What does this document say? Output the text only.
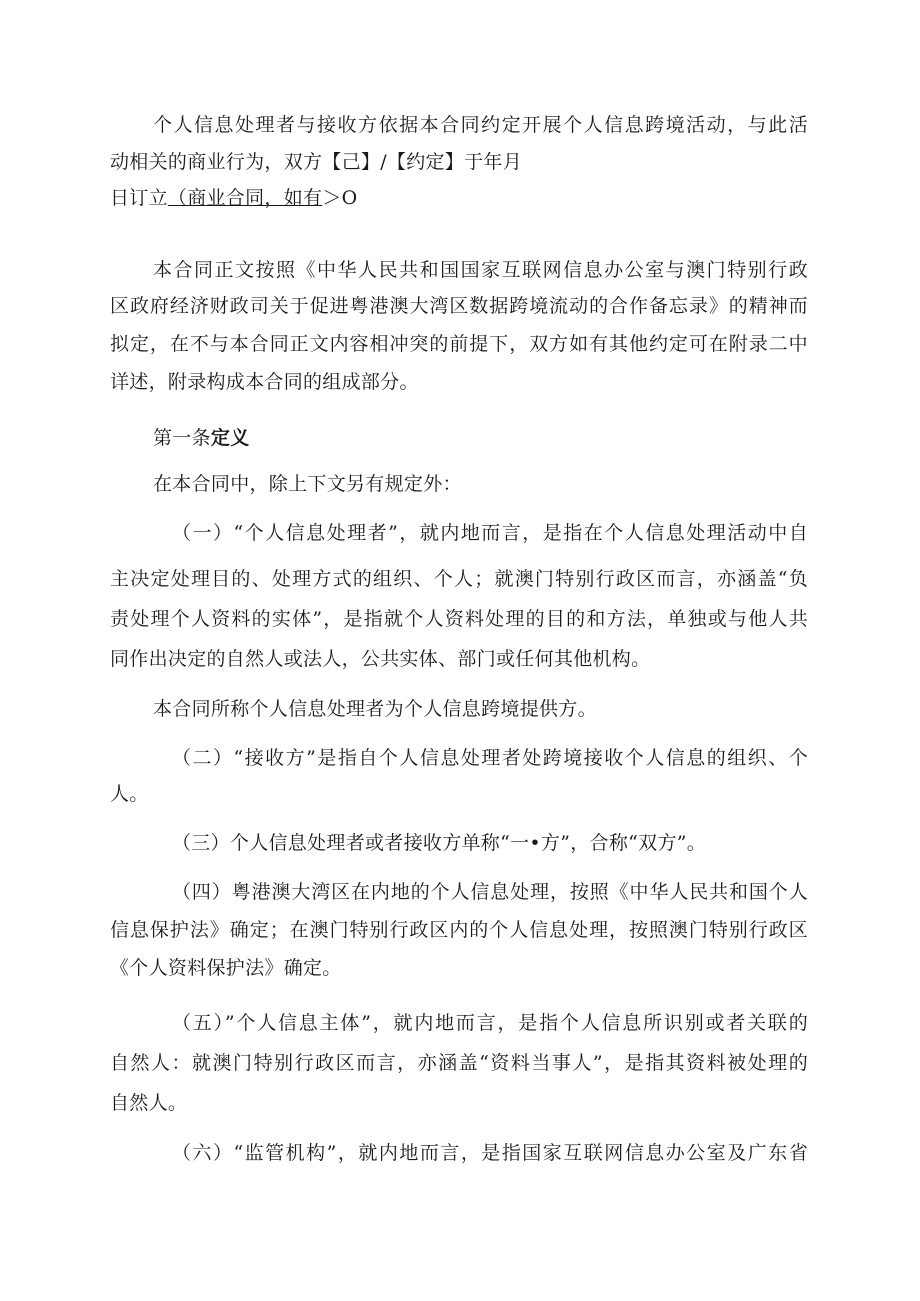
个人信息处理者与接收方依据本合同约定开展个人信息跨境活动，与此活
动相关的商业行为，双方【己】/【约定】于年月
日订立（商业合同，如有＞O
本合同正文按照《中华人民共和国国家互联网信息办公室与澳门特别行政
区政府经济财政司关于促进粤港澳大湾区数据跨境流动的合作备忘录》的精神而
拟定，在不与本合同正文内容相冲突的前提下，双方如有其他约定可在附录二中
详述，附录构成本合同的组成部分。
第一条定义
在本合同中，除上下文另有规定外：
（一）“个人信息处理者”，就内地而言，是指在个人信息处理活动中自
主决定处理目的、处理方式的组织、个人；就澳门特别行政区而言，亦涵盖“负
责处理个人资料的实体”，是指就个人资料处理的目的和方法，单独或与他人共
同作出决定的自然人或法人，公共实体、部门或任何其他机构。
本合同所称个人信息处理者为个人信息跨境提供方。
（二）“接收方”是指自个人信息处理者处跨境接收个人信息的组织、个
人。
（三）个人信息处理者或者接收方单称“一•方”，合称“双方”。
（四）粤港澳大湾区在内地的个人信息处理，按照《中华人民共和国个人
信息保护法》确定；在澳门特别行政区内的个人信息处理，按照澳门特别行政区
《个人资料保护法》确定。
（五）”个人信息主体”，就内地而言，是指个人信息所识别或者关联的
自然人：就澳门特别行政区而言，亦涵盖“资料当事人”，是指其资料被处理的
自然人。
（六）“监管机构”，就内地而言，是指国家互联网信息办公室及广东省
